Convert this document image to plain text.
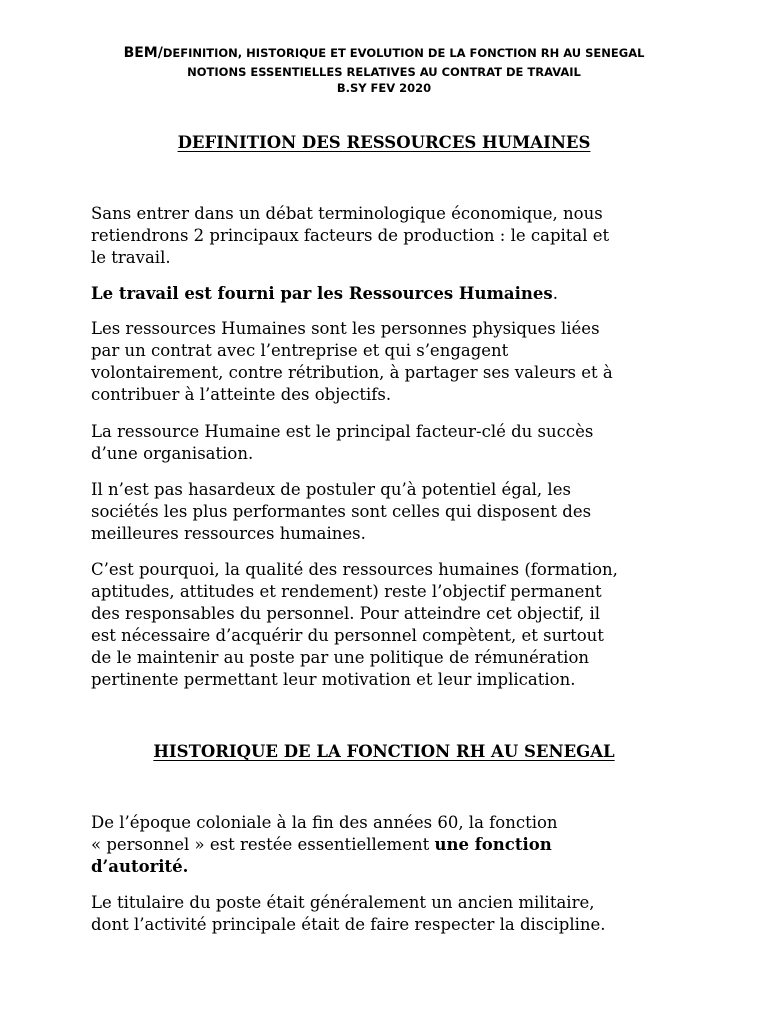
BEM/DEFINITION, HISTORIQUE ET EVOLUTION DE LA FONCTION RH AU SENEGAL
NOTIONS ESSENTIELLES RELATIVES AU CONTRAT DE TRAVAIL
B.SY FEV 2020
DEFINITION DES RESSOURCES HUMAINES

Sans entrer dans un débat terminologique économique, nous
retiendrons 2 principaux facteurs de production : le capital et
le travail.

Le travail est fourni par les Ressources Humaines.

Les ressources Humaines sont les personnes physiques liées
par un contrat avec l’entreprise et qui s’engagent
volontairement, contre rétribution, à partager ses valeurs et à
contribuer à l’atteinte des objectifs.

La ressource Humaine est le principal facteur-clé du succès
d’une organisation.

Il n’est pas hasardeux de postuler qu’à potentiel égal, les
sociétés les plus performantes sont celles qui disposent des
meilleures ressources humaines.

C’est pourquoi, la qualité des ressources humaines (formation,
aptitudes, attitudes et rendement) reste l’objectif permanent
des responsables du personnel. Pour atteindre cet objectif, il
est nécessaire d’acquérir du personnel compètent, et surtout
de le maintenir au poste par une politique de rémunération
pertinente permettant leur motivation et leur implication.

HISTORIQUE DE LA FONCTION RH AU SENEGAL

De l’époque coloniale à la fin des années 60, la fonction
« personnel » est restée essentiellement une fonction
d’autorité.

Le titulaire du poste était généralement un ancien militaire,
dont l’activité principale était de faire respecter la discipline.
